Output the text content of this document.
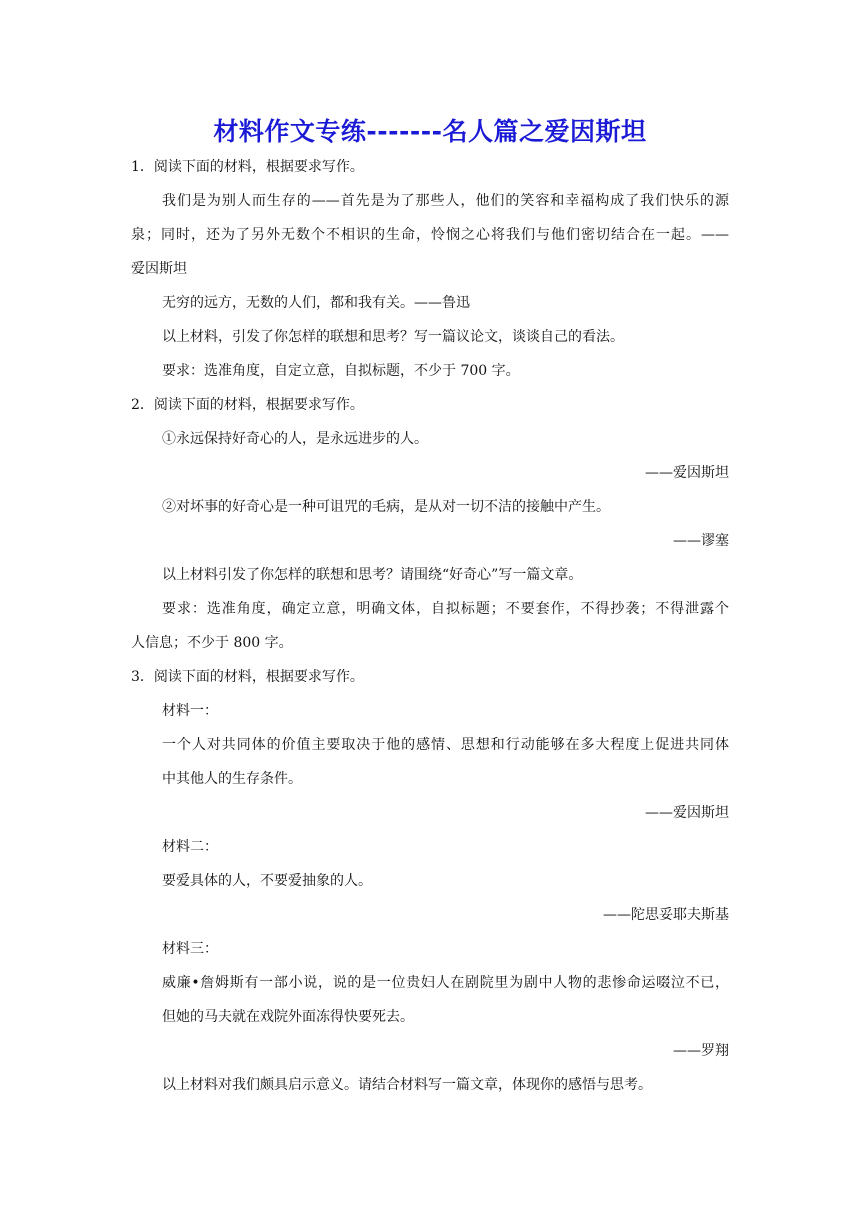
材料作文专练-------名人篇之爱因斯坦
1．阅读下面的材料，根据要求写作。
我们是为别人而生存的——首先是为了那些人，他们的笑容和幸福构成了我们快乐的源
泉；同时，还为了另外无数个不相识的生命，怜悯之心将我们与他们密切结合在一起。——
爱因斯坦
无穷的远方，无数的人们，都和我有关。——鲁迅
以上材料，引发了你怎样的联想和思考？写一篇议论文，谈谈自己的看法。
要求：选准角度，自定立意，自拟标题，不少于 700 字。
2．阅读下面的材料，根据要求写作。
①永远保持好奇心的人，是永远进步的人。
——爱因斯坦
②对坏事的好奇心是一种可诅咒的毛病，是从对一切不洁的接触中产生。
——谬塞
以上材料引发了你怎样的联想和思考？请围绕“好奇心”写一篇文章。
要求：选准角度，确定立意，明确文体，自拟标题；不要套作，不得抄袭；不得泄露个
人信息；不少于 800 字。
3．阅读下面的材料，根据要求写作。
材料一：
一个人对共同体的价值主要取决于他的感情、思想和行动能够在多大程度上促进共同体
中其他人的生存条件。
——爱因斯坦
材料二：
要爱具体的人，不要爱抽象的人。
——陀思妥耶夫斯基
材料三：
威廉•詹姆斯有一部小说，说的是一位贵妇人在剧院里为剧中人物的悲惨命运啜泣不已，
但她的马夫就在戏院外面冻得快要死去。
——罗翔
以上材料对我们颇具启示意义。请结合材料写一篇文章，体现你的感悟与思考。
